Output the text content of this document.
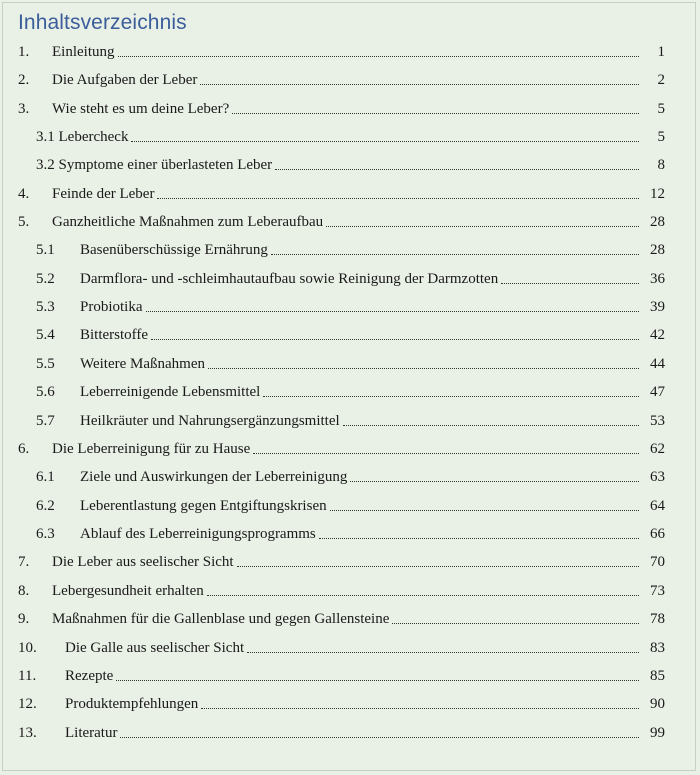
Inhaltsverzeichnis
1. Einleitung	1
2. Die Aufgaben der Leber	2
3. Wie steht es um deine Leber?	5
3.1 Lebercheck	5
3.2 Symptome einer überlasteten Leber	8
4. Feinde der Leber	12
5. Ganzheitliche Maßnahmen zum Leberaufbau	28
5.1 Basenüberschüssige Ernährung	28
5.2 Darmflora- und -schleimhautaufbau sowie Reinigung der Darmzotten	36
5.3 Probiotika	39
5.4 Bitterstoffe	42
5.5 Weitere Maßnahmen	44
5.6 Leberreinigende Lebensmittel	47
5.7 Heilkräuter und Nahrungsergänzungsmittel	53
6. Die Leberreinigung für zu Hause	62
6.1 Ziele und Auswirkungen der Leberreinigung	63
6.2 Leberentlastung gegen Entgiftungskrisen	64
6.3 Ablauf des Leberreinigungsprogramms	66
7. Die Leber aus seelischer Sicht	70
8. Lebergesundheit erhalten	73
9. Maßnahmen für die Gallenblase und gegen Gallensteine	78
10. Die Galle aus seelischer Sicht	83
11. Rezepte	85
12. Produktempfehlungen	90
13. Literatur	99
